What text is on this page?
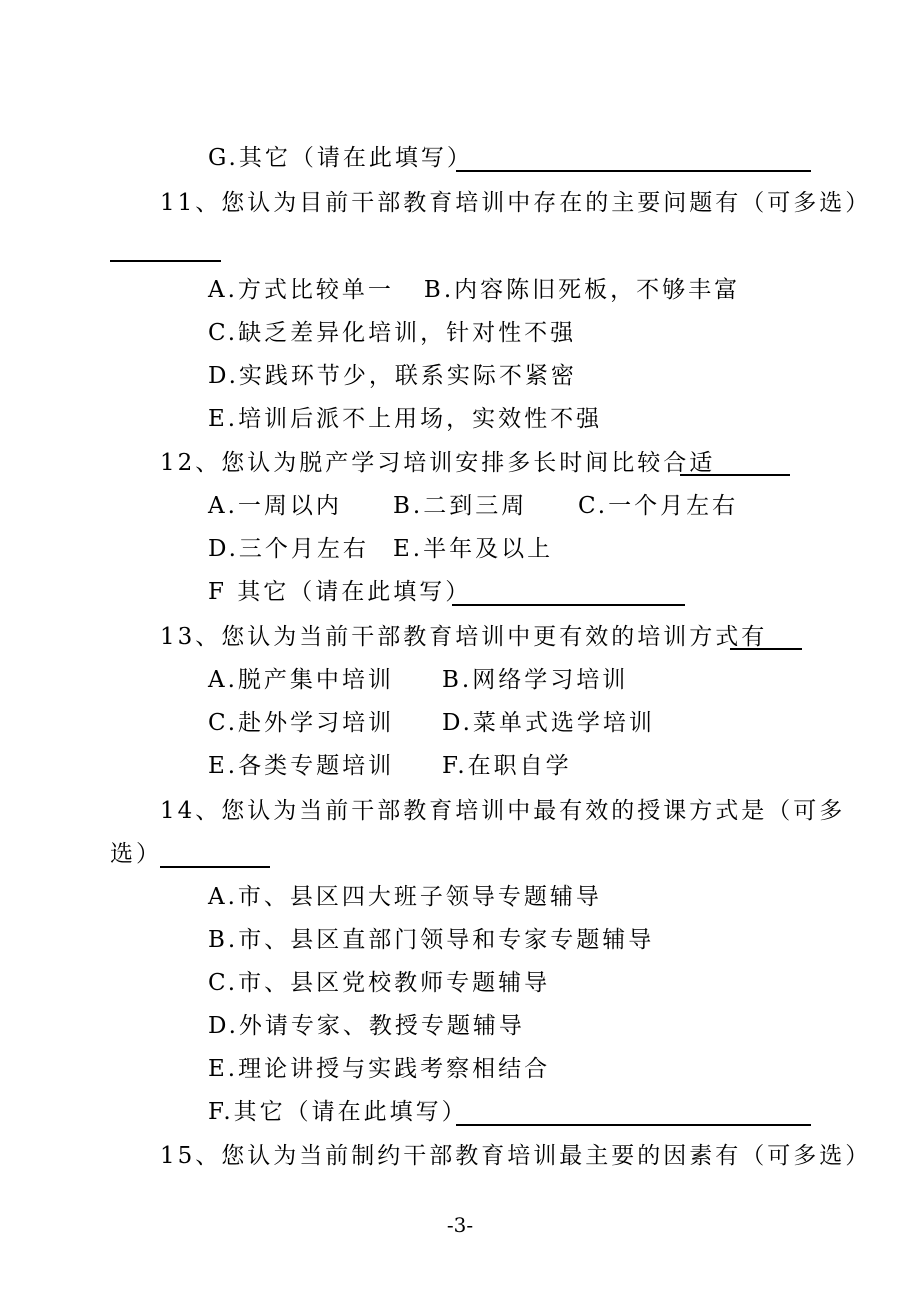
G.其它（请在此填写）
11、您认为目前干部教育培训中存在的主要问题有（可多选）
A.方式比较单一 B.内容陈旧死板，不够丰富
C.缺乏差异化培训，针对性不强
D.实践环节少，联系实际不紧密
E.培训后派不上用场，实效性不强
12、您认为脱产学习培训安排多长时间比较合适
A.一周以内 B.二到三周 C.一个月左右
D.三个月左右 E.半年及以上
F 其它（请在此填写）
13、您认为当前干部教育培训中更有效的培训方式有
A.脱产集中培训 B.网络学习培训
C.赴外学习培训 D.菜单式选学培训
E.各类专题培训 F.在职自学
14、您认为当前干部教育培训中最有效的授课方式是（可多
选）
A.市、县区四大班子领导专题辅导
B.市、县区直部门领导和专家专题辅导
C.市、县区党校教师专题辅导
D.外请专家、教授专题辅导
E.理论讲授与实践考察相结合
F.其它（请在此填写）
15、您认为当前制约干部教育培训最主要的因素有（可多选）
-3-
